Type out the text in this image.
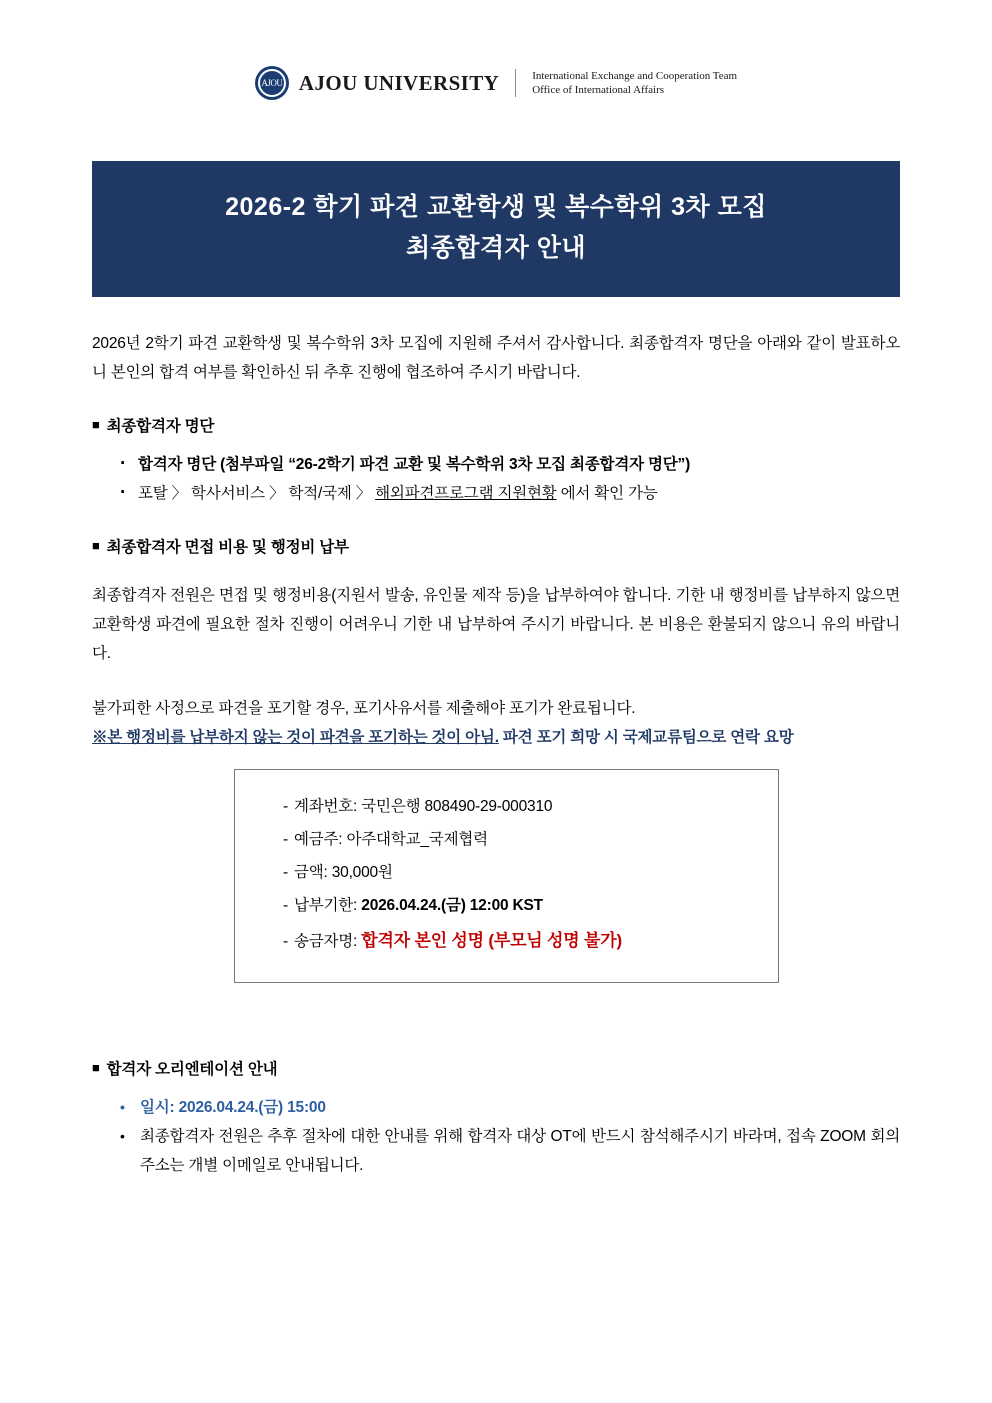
AJOU AJOU UNIVERSITY	International Exchange and Cooperation Team
Office of International Affairs
2026-2 학기 파견 교환학생 및 복수학위 3차 모집
최종합격자 안내
2026년 2학기 파견 교환학생 및 복수학위 3차 모집에 지원해 주셔서 감사합니다. 최종합격자 명단을 아래와 같이 발표하오니 본인의 합격 여부를 확인하신 뒤 추후 진행에 협조하여 주시기 바랍니다.
■ 최종합격자 명단
· 합격자 명단 (첨부파일 “26-2학기 파견 교환 및 복수학위 3차 모집 최종합격자 명단”)
· 포탈 〉 학사서비스 〉 학적/국제 〉 해외파견프로그램 지원현황 에서 확인 가능
■ 최종합격자 면접 비용 및 행정비 납부
최종합격자 전원은 면접 및 행정비용(지원서 발송, 유인물 제작 등)을 납부하여야 합니다. 기한 내 행정비를 납부하지 않으면 교환학생 파견에 필요한 절차 진행이 어려우니 기한 내 납부하여 주시기 바랍니다. 본 비용은 환불되지 않으니 유의 바랍니다.
불가피한 사정으로 파견을 포기할 경우, 포기사유서를 제출해야 포기가 완료됩니다.
※본 행정비를 납부하지 않는 것이 파견을 포기하는 것이 아님. 파견 포기 희망 시 국제교류팀으로 연락 요망
- 계좌번호: 국민은행 808490-29-000310
- 예금주: 아주대학교_국제협력
- 금액: 30,000원
- 납부기한: 2026.04.24.(금) 12:00 KST
- 송금자명: 합격자 본인 성명 (부모님 성명 불가)
■ 합격자 오리엔테이션 안내
• 일시: 2026.04.24.(금) 15:00
• 최종합격자 전원은 추후 절차에 대한 안내를 위해 합격자 대상 OT에 반드시 참석해주시기 바라며, 접속 ZOOM 회의 주소는 개별 이메일로 안내됩니다.
